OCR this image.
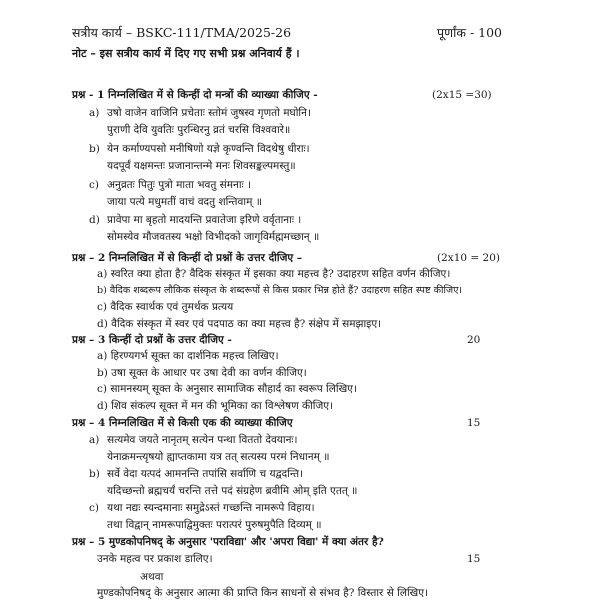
सत्रीय कार्य – BSKC-111/TMA/2025-26	पूर्णांक - 100
नोट – इस सत्रीय कार्य में दिए गए सभी प्रश्न अनिवार्य हैं ।
प्रश्न - 1 निम्नलिखित में से किन्हीं दो मन्त्रों की व्याख्या कीजिए -	(2x15 =30)
a) उषो वाजेन वाजिनि प्रचेताः स्तोमं जुषस्व गृणतो मघोनि।
पुराणी देवि युवतिः पुरन्धिरनु व्रतं चरसि विश्ववारे॥
b) येन कर्माण्यपसो मनीषिणो यज्ञे कृण्वन्ति विदथेषु धीराः।
यदपूर्वं यक्षमन्तः प्रजानान्तन्मे मनः शिवसङ्कल्पमस्तु॥
c) अनुव्रतः पितुः पुत्रो माता भवतु संमनाः ।
जाया पत्ये मधुमतीं वाचं वदतु शन्तिवाम् ॥
d) प्रावेपा मा बृहतो मादयन्ति प्रवातेजा इरिणे वर्वृतानाः ।
सोमस्येव मौजवतस्य भक्षो विभीदको जागृविर्मह्ममच्छान् ॥
प्रश्न – 2 निम्नलिखित में से किन्हीं दो प्रश्नों के उत्तर दीजिए –	(2x10 = 20)
a) स्वरित क्या होता है? वैदिक संस्कृत में इसका क्या महत्त्व है? उदाहरण सहित वर्णन कीजिए।
b) वैदिक शब्दरूप लौकिक संस्कृत के शब्दरूपों से किस प्रकार भिन्न होते हैं? उदाहरण सहित स्पष्ट कीजिए।
c) वैदिक स्वार्थक एवं तुमर्थक प्रत्यय
d) वैदिक संस्कृत में स्वर एवं पदपाठ का क्या महत्त्व है? संक्षेप में समझाइए।
प्रश्न – 3 किन्हीं दो प्रश्नों के उत्तर दीजिए -	20
a) हिरण्यगर्भ सूक्त का दार्शनिक महत्त्व लिखिए।
b) उषा सूक्त के आधार पर उषा देवी का वर्णन कीजिए।
c) सामनस्यम् सूक्त के अनुसार सामाजिक सौहार्द का स्वरूप लिखिए।
d) शिव संकल्प सूक्त में मन की भूमिका का विश्लेषण कीजिए।
प्रश्न – 4 निम्नलिखित में से किसी एक की व्याख्या कीजिए	15
a) सत्यमेव जयते नानृतम् सत्येन पन्था विततो देवयानः।
येनाक्रमन्त्यृषयो ह्याप्तकामा यत्र तत् सत्यस्य परमं निधानम् ॥
b) सर्वे वेदा यत्पदं आमनन्ति तपांसि सर्वाणि च यद्वदन्ति।
यदिच्छन्तो ब्रह्मचर्यं चरन्ति तत्ते पदं संग्रहेण ब्रवीमि ओम् इति एतत् ॥
c) यथा नद्यः स्यन्दमानाः समुद्रेऽस्तं गच्छन्ति नामरूपे विहाय।
तथा विद्वान् नामरूपाद्विमुक्तः परात्परं पुरुषमुपैति दिव्यम् ॥
प्रश्न – 5 मुण्डकोपनिषद् के अनुसार 'पराविद्या' और 'अपरा विद्या' में क्या अंतर है?
उनके महत्व पर प्रकाश डालिए।	15
अथवा
मुण्डकोपनिषद् के अनुसार आत्मा की प्राप्ति किन साधनों से संभव है? विस्तार से लिखिए।
